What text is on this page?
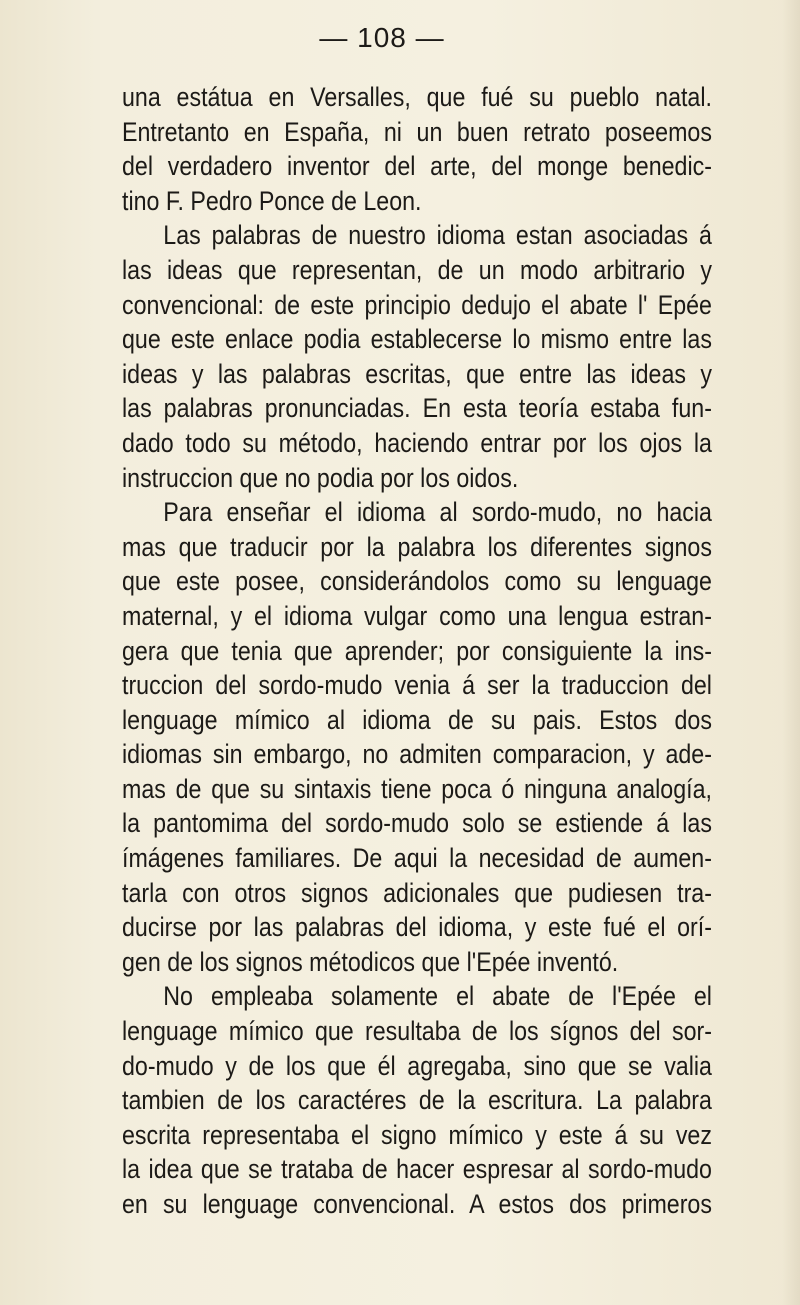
— 108 —
una estátua en Versalles, que fué su pueblo natal.
Entretanto en España, ni un buen retrato poseemos
del verdadero inventor del arte, del monge benedic-
tino F. Pedro Ponce de Leon.
Las palabras de nuestro idioma estan asociadas á
las ideas que representan, de un modo arbitrario y
convencional: de este principio dedujo el abate l' Epée
que este enlace podia establecerse lo mismo entre las
ideas y las palabras escritas, que entre las ideas y
las palabras pronunciadas. En esta teoría estaba fun-
dado todo su método, haciendo entrar por los ojos la
instruccion que no podia por los oidos.
Para enseñar el idioma al sordo-mudo, no hacia
mas que traducir por la palabra los diferentes signos
que este posee, considerándolos como su lenguage
maternal, y el idioma vulgar como una lengua estran-
gera que tenia que aprender; por consiguiente la ins-
truccion del sordo-mudo venia á ser la traduccion del
lenguage mímico al idioma de su pais. Estos dos
idiomas sin embargo, no admiten comparacion, y ade-
mas de que su sintaxis tiene poca ó ninguna analogía,
la pantomima del sordo-mudo solo se estiende á las
ímágenes familiares. De aqui la necesidad de aumen-
tarla con otros signos adicionales que pudiesen tra-
ducirse por las palabras del idioma, y este fué el orí-
gen de los signos métodicos que l'Epée inventó.
No empleaba solamente el abate de l'Epée el
lenguage mímico que resultaba de los sígnos del sor-
do-mudo y de los que él agregaba, sino que se valia
tambien de los caractéres de la escritura. La palabra
escrita representaba el signo mímico y este á su vez
la idea que se trataba de hacer espresar al sordo-mudo
en su lenguage convencional. A estos dos primeros
